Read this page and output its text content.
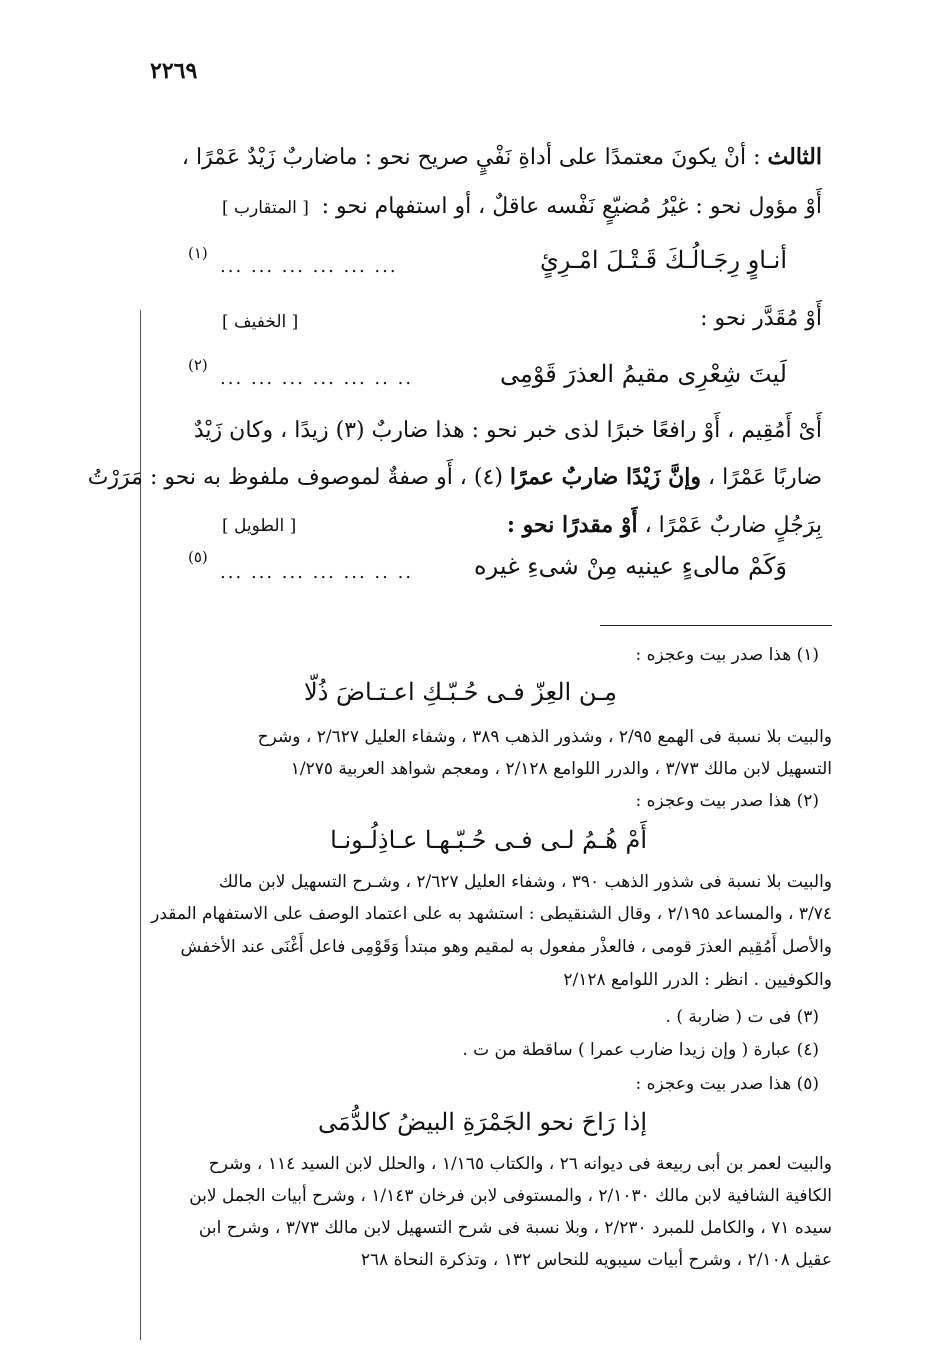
٢٢٦٩
الثالث : أنْ يكونَ معتمدًا على أداةِ نَفْيٍ صريح نحو : ماضاربٌ زَيْدٌ عَمْرًا ،
أَوْ مؤول نحو : غيْرُ مُضيّعٍ نَفْسه عاقلٌ ، أو استفهام نحو :
[ المتقارب ]
أنـاوٍ رِجَـالُـكَ قَـتْـلَ امْـرِئٍ
... ... ... ... ... ...
(١)
أَوْ مُقَدَّر نحو :
[ الخفيف ]
لَيتَ شِعْرِى مقيمُ العذرَ قَوْمِى
... ... ... ... ... .. ..
(٢)
أَىْ أَمُقِيم ، أَوْ رافعًا خبرًا لذى خبر نحو : هذا ضاربٌ (٣) زيدًا ، وكان زَيْدٌ
ضاربًا عَمْرًا ، وإنَّ زَيْدًا ضاربٌ عمرًا (٤) ، أَو صفةٌ لموصوف ملفوظ به نحو : مَرَرْتُ
بِرَجُلٍ ضاربٌ عَمْرًا ، أَوْ مقدرًا نحو :
[ الطويل ]
وَكَمْ مالىءٍ عينيه مِنْ شىءِ غيره
... ... ... ... ... .. ..
(٥)
(١) هذا صدر بيت وعجزه :
مِـن العِزّ فـى حُـبّـكِ اعـتـاضَ ذُلّا
والبيت بلا نسبة فى الهمع ٢/٩٥ ، وشذور الذهب ٣٨٩ ، وشفاء العليل ٢/٦٢٧ ، وشرح
التسهيل لابن مالك ٣/٧٣ ، والدرر اللوامع ٢/١٢٨ ، ومعجم شواهد العربية ١/٢٧٥
(٢) هذا صدر بيت وعجزه :
أَمْ هُـمُ لـى فـى حُـبّـهـا عـاذِلُـونـا
والبيت بلا نسبة فى شذور الذهب ٣٩٠ ، وشفاء العليل ٢/٦٢٧ ، وشـرح التسهيل لابن مالك
٣/٧٤ ، والمساعد ٢/١٩٥ ، وقال الشنقيطى : استشهد به على اعتماد الوصف على الاستفهام المقدر
والأصل أَمُقِيم العذرَ قومى ، فالعذْر مفعول به لمقيم وهو مبتدأ وَقَوْمِى فاعل أَغْنَى عند الأخفش
والكوفيين . انظر : الدرر اللوامع ٢/١٢٨
(٣) فى ت ( ضاربة ) .
(٤) عبارة ( وإن زيدا ضارب عمرا ) ساقطة من ت .
(٥) هذا صدر بيت وعجزه :
إذا رَاحَ نحو الجَمْرَةِ البيضُ كالدُّمَى
والبيت لعمر بن أبى ربيعة فى ديوانه ٢٦ ، والكتاب ١/١٦٥ ، والحلل لابن السيد ١١٤ ، وشرح
الكافية الشافية لابن مالك ٢/١٠٣٠ ، والمستوفى لابن فرخان ١/١٤٣ ، وشرح أبيات الجمل لابن
سيده ٧١ ، والكامل للمبرد ٢/٢٣٠ ، وبلا نسبة فى شرح التسهيل لابن مالك ٣/٧٣ ، وشرح ابن
عقيل ٢/١٠٨ ، وشرح أبيات سيبويه للنحاس ١٣٢ ، وتذكرة النحاة ٢٦٨
